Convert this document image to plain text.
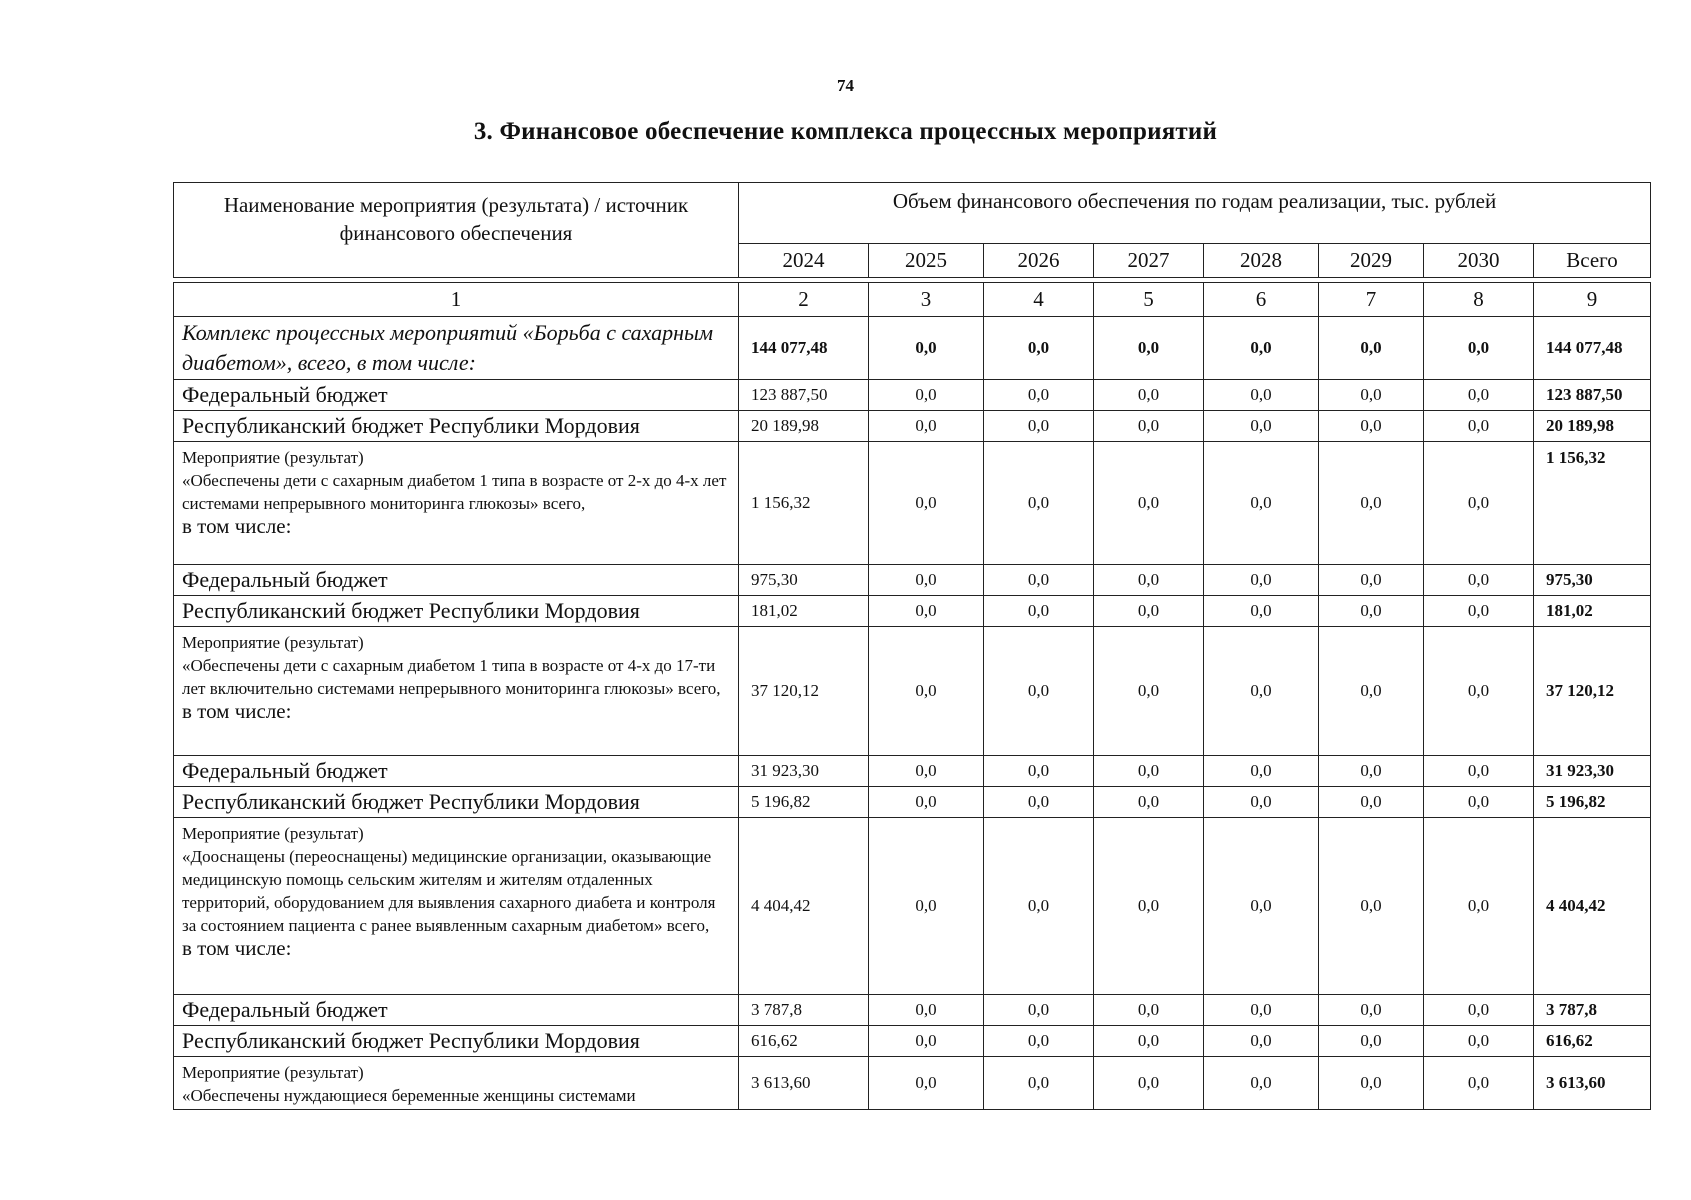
74
3. Финансовое обеспечение комплекса процессных мероприятий
Наименование мероприятия (результата) / источник финансового обеспечения	Объем финансового обеспечения по годам реализации, тыс. рублей							
	2024	2025	2026	2027	2028	2029	2030	Всего
1	2	3	4	5	6	7	8	9

Комплекс процессных мероприятий «Борьба с сахарным диабетом», всего, в том числе:	144 077,48	0,0	0,0	0,0	0,0	0,0	0,0	144 077,48

Федеральный бюджет	123 887,50	0,0	0,0	0,0	0,0	0,0	0,0	123 887,50

Республиканский бюджет Республики Мордовия	20 189,98	0,0	0,0	0,0	0,0	0,0	0,0	20 189,98

Мероприятие (результат)
«Обеспечены дети с сахарным диабетом 1 типа в возрасте от 2-х до 4-х лет системами непрерывного мониторинга глюкозы» всего,
в том числе:	1 156,32	0,0	0,0	0,0	0,0	0,0	0,0	1 156,32

Федеральный бюджет	975,30	0,0	0,0	0,0	0,0	0,0	0,0	975,30

Республиканский бюджет Республики Мордовия	181,02	0,0	0,0	0,0	0,0	0,0	0,0	181,02

Мероприятие (результат)
«Обеспечены дети с сахарным диабетом 1 типа в возрасте от 4-х до 17-ти лет включительно системами непрерывного мониторинга глюкозы» всего,
в том числе:	37 120,12	0,0	0,0	0,0	0,0	0,0	0,0	37 120,12

Федеральный бюджет	31 923,30	0,0	0,0	0,0	0,0	0,0	0,0	31 923,30

Республиканский бюджет Республики Мордовия	5 196,82	0,0	0,0	0,0	0,0	0,0	0,0	5 196,82

Мероприятие (результат)
«Дооснащены (переоснащены) медицинские организации, оказывающие медицинскую помощь сельским жителям и жителям отдаленных территорий, оборудованием для выявления сахарного диабета и контроля за состоянием пациента с ранее выявленным сахарным диабетом» всего,
в том числе:	4 404,42	0,0	0,0	0,0	0,0	0,0	0,0	4 404,42

Федеральный бюджет	3 787,8	0,0	0,0	0,0	0,0	0,0	0,0	3 787,8

Республиканский бюджет Республики Мордовия	616,62	0,0	0,0	0,0	0,0	0,0	0,0	616,62

Мероприятие (результат)
«Обеспечены нуждающиеся беременные женщины системами	3 613,60	0,0	0,0	0,0	0,0	0,0	0,0	3 613,60
